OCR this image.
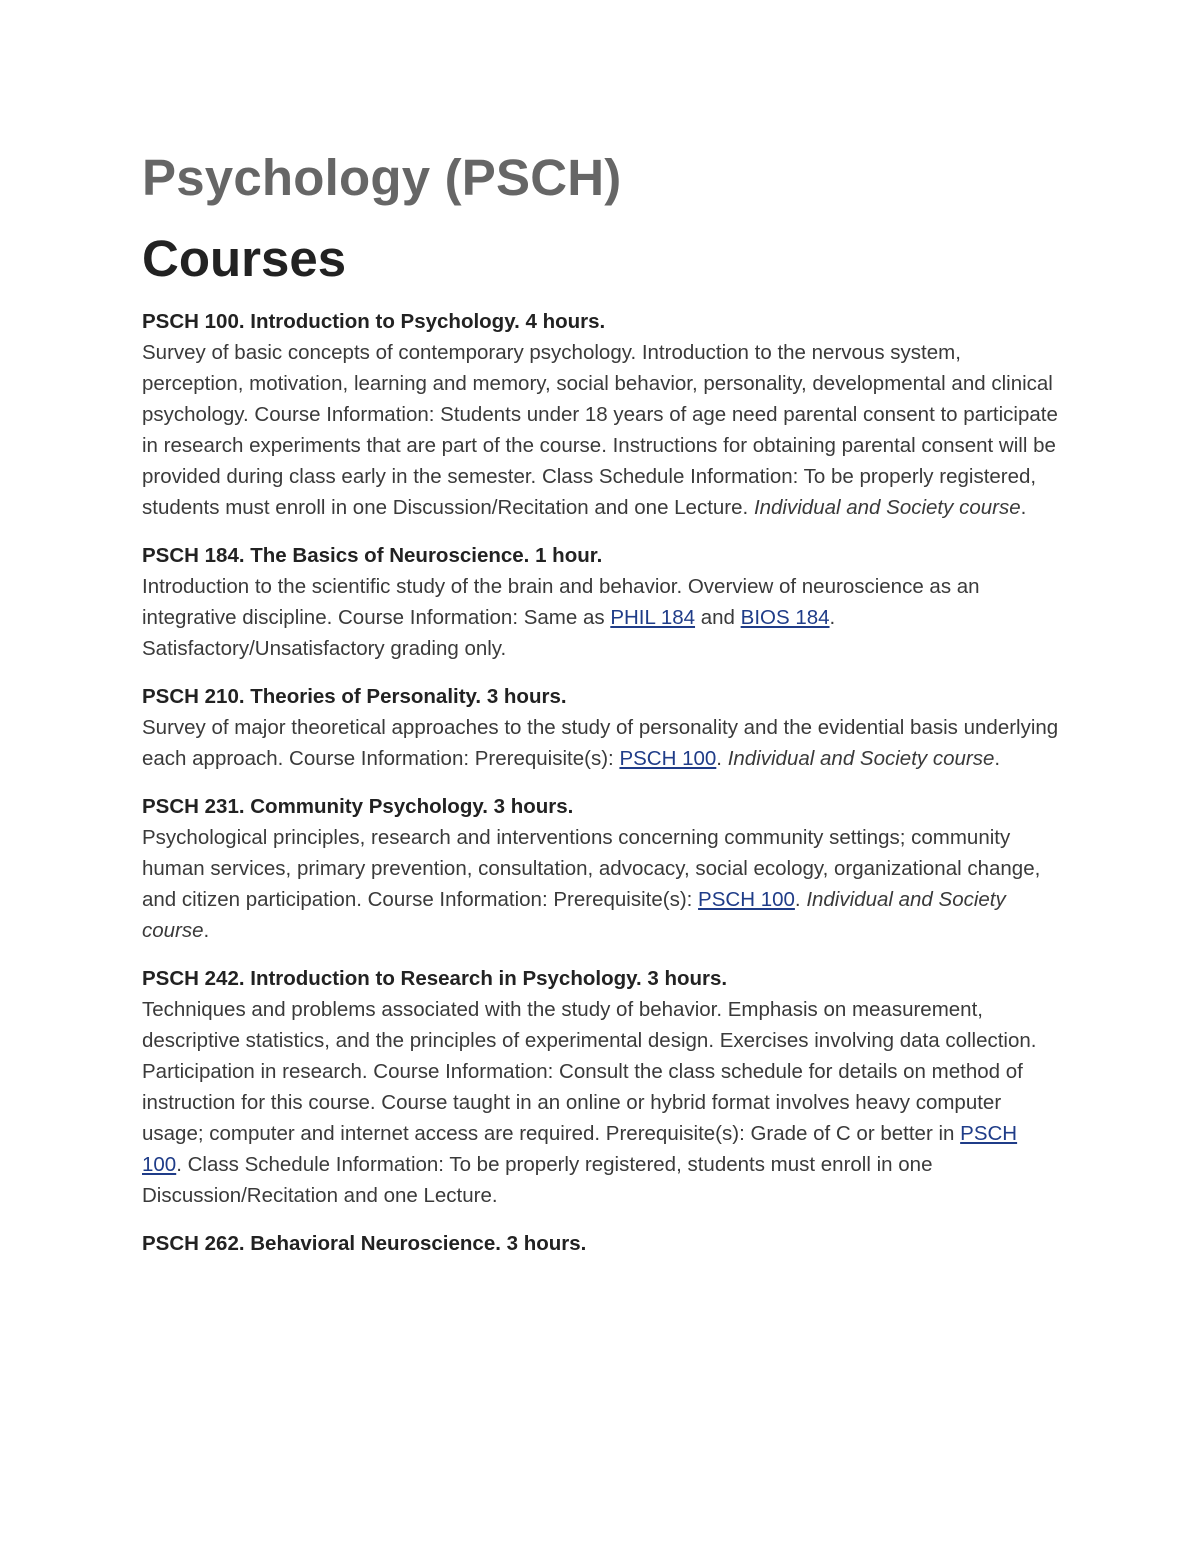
Psychology (PSCH)
Courses

PSCH 100. Introduction to Psychology. 4 hours.

Survey of basic concepts of contemporary psychology. Introduction to the nervous system, perception, motivation, learning and memory, social behavior, personality, developmental and clinical psychology. Course Information: Students under 18 years of age need parental consent to participate in research experiments that are part of the course. Instructions for obtaining parental consent will be provided during class early in the semester. Class Schedule Information: To be properly registered, students must enroll in one Discussion/Recitation and one Lecture. Individual and Society course.

PSCH 184. The Basics of Neuroscience. 1 hour.

Introduction to the scientific study of the brain and behavior. Overview of neuroscience as an integrative discipline. Course Information: Same as PHIL 184 and BIOS 184. Satisfactory/Unsatisfactory grading only.

PSCH 210. Theories of Personality. 3 hours.

Survey of major theoretical approaches to the study of personality and the evidential basis underlying each approach. Course Information: Prerequisite(s): PSCH 100. Individual and Society course.

PSCH 231. Community Psychology. 3 hours.

Psychological principles, research and interventions concerning community settings; community human services, primary prevention, consultation, advocacy, social ecology, organizational change, and citizen participation. Course Information: Prerequisite(s): PSCH 100. Individual and Society course.

PSCH 242. Introduction to Research in Psychology. 3 hours.

Techniques and problems associated with the study of behavior. Emphasis on measurement, descriptive statistics, and the principles of experimental design. Exercises involving data collection. Participation in research. Course Information: Consult the class schedule for details on method of instruction for this course. Course taught in an online or hybrid format involves heavy computer usage; computer and internet access are required. Prerequisite(s): Grade of C or better in PSCH 100. Class Schedule Information: To be properly registered, students must enroll in one Discussion/Recitation and one Lecture.

PSCH 262. Behavioral Neuroscience. 3 hours.
